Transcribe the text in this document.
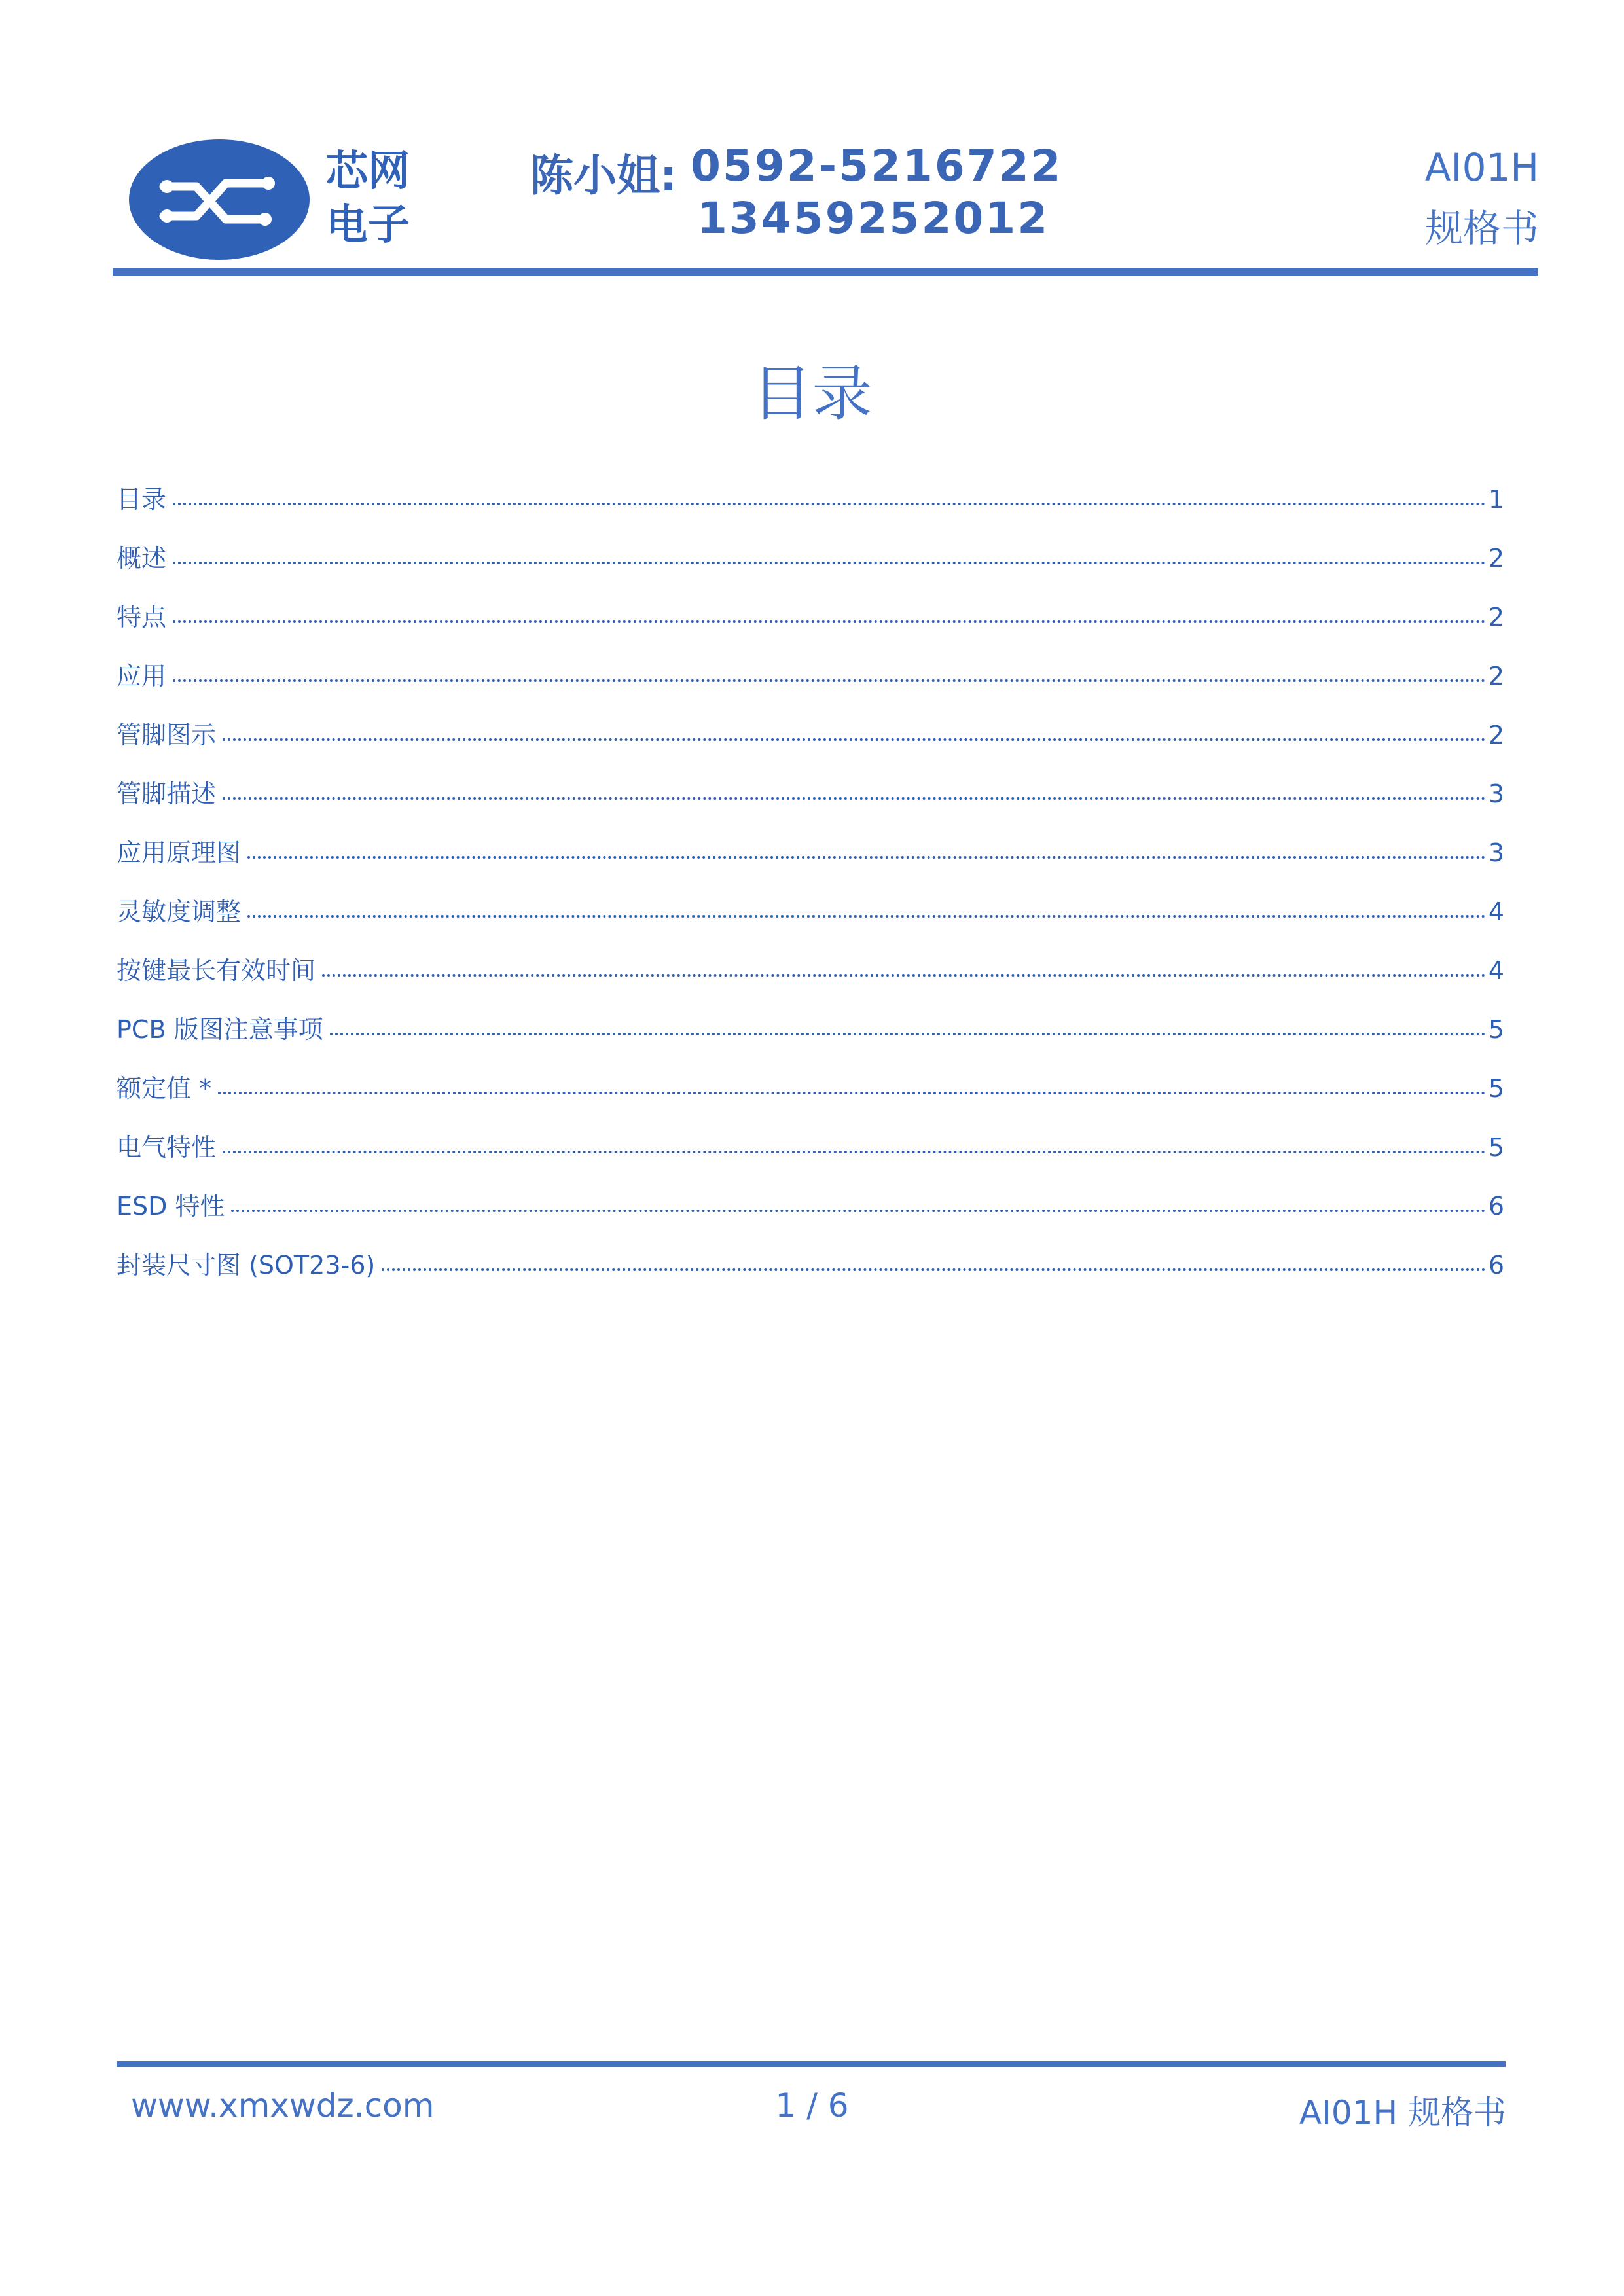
芯网
电子
陈小姐: 0592-5216722
13459252012
AI01H
规格书
目录
目录	1
概述	2
特点	2
应用	2
管脚图示	2
管脚描述	3
应用原理图	3
灵敏度调整	4
按键最长有效时间	4
PCB 版图注意事项	5
额定值 *	5
电气特性	5
ESD 特性	6
封装尺寸图 (SOT23-6)	6
www.xmxwdz.com	1 / 6	AI01H 规格书
